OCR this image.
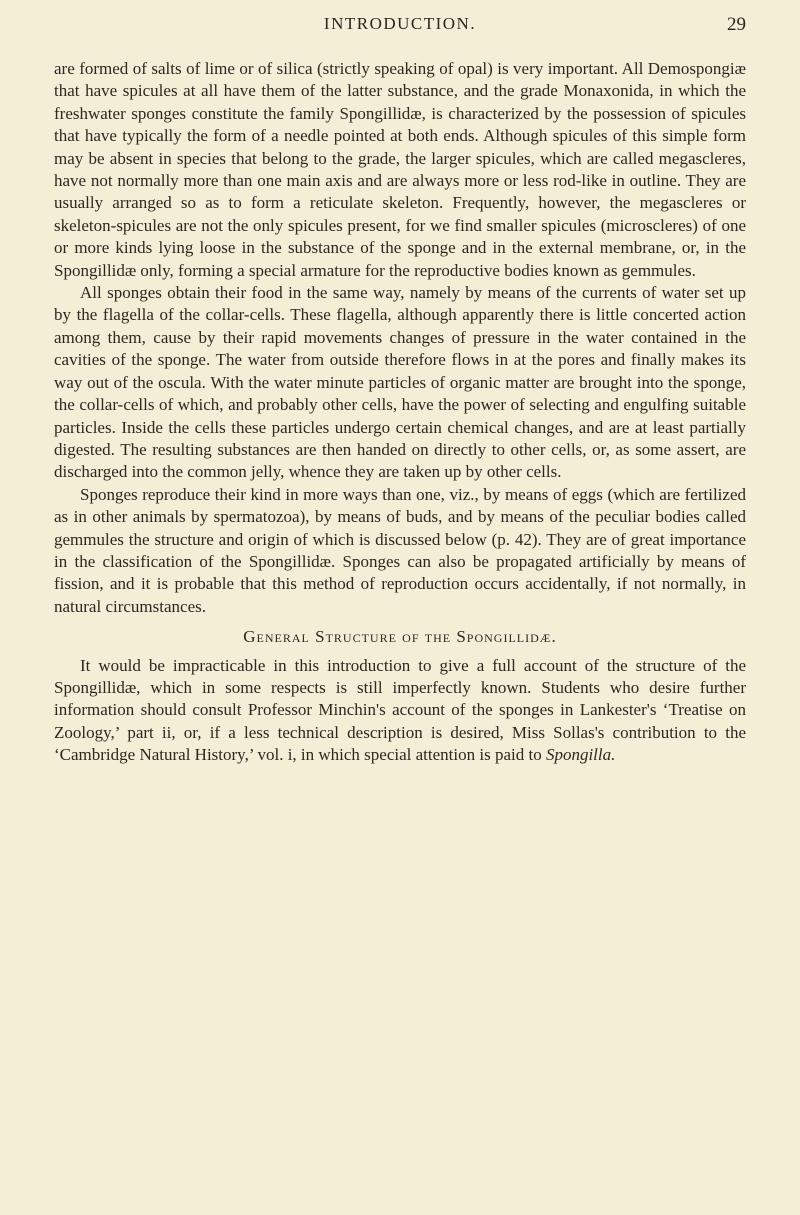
INTRODUCTION.	29

are formed of salts of lime or of silica (strictly speaking of opal) is very important. All Demospongiæ that have spicules at all have them of the latter substance, and the grade Monaxonida, in which the freshwater sponges constitute the family Spongillidæ, is characterized by the possession of spicules that have typically the form of a needle pointed at both ends. Although spicules of this simple form may be absent in species that belong to the grade, the larger spicules, which are called megascleres, have not normally more than one main axis and are always more or less rod-like in outline. They are usually arranged so as to form a reticulate skeleton. Frequently, however, the megascleres or skeleton-spicules are not the only spicules present, for we find smaller spicules (microscleres) of one or more kinds lying loose in the substance of the sponge and in the external membrane, or, in the Spongillidæ only, forming a special armature for the reproductive bodies known as gemmules.

All sponges obtain their food in the same way, namely by means of the currents of water set up by the flagella of the collar-cells. These flagella, although apparently there is little concerted action among them, cause by their rapid movements changes of pressure in the water contained in the cavities of the sponge. The water from outside therefore flows in at the pores and finally makes its way out of the oscula. With the water minute particles of organic matter are brought into the sponge, the collar-cells of which, and probably other cells, have the power of selecting and engulfing suitable particles. Inside the cells these particles undergo certain chemical changes, and are at least partially digested. The resulting substances are then handed on directly to other cells, or, as some assert, are discharged into the common jelly, whence they are taken up by other cells.

Sponges reproduce their kind in more ways than one, viz., by means of eggs (which are fertilized as in other animals by spermatozoa), by means of buds, and by means of the peculiar bodies called gemmules the structure and origin of which is discussed below (p. 42). They are of great importance in the classification of the Spongillidæ. Sponges can also be propagated artificially by means of fission, and it is probable that this method of reproduction occurs accidentally, if not normally, in natural circumstances.

General Structure of the Spongillidæ.

It would be impracticable in this introduction to give a full account of the structure of the Spongillidæ, which in some respects is still imperfectly known. Students who desire further information should consult Professor Minchin's account of the sponges in Lankester's ‘Treatise on Zoology,’ part ii, or, if a less technical description is desired, Miss Sollas's contribution to the ‘Cambridge Natural History,’ vol. i, in which special attention is paid to Spongilla.
